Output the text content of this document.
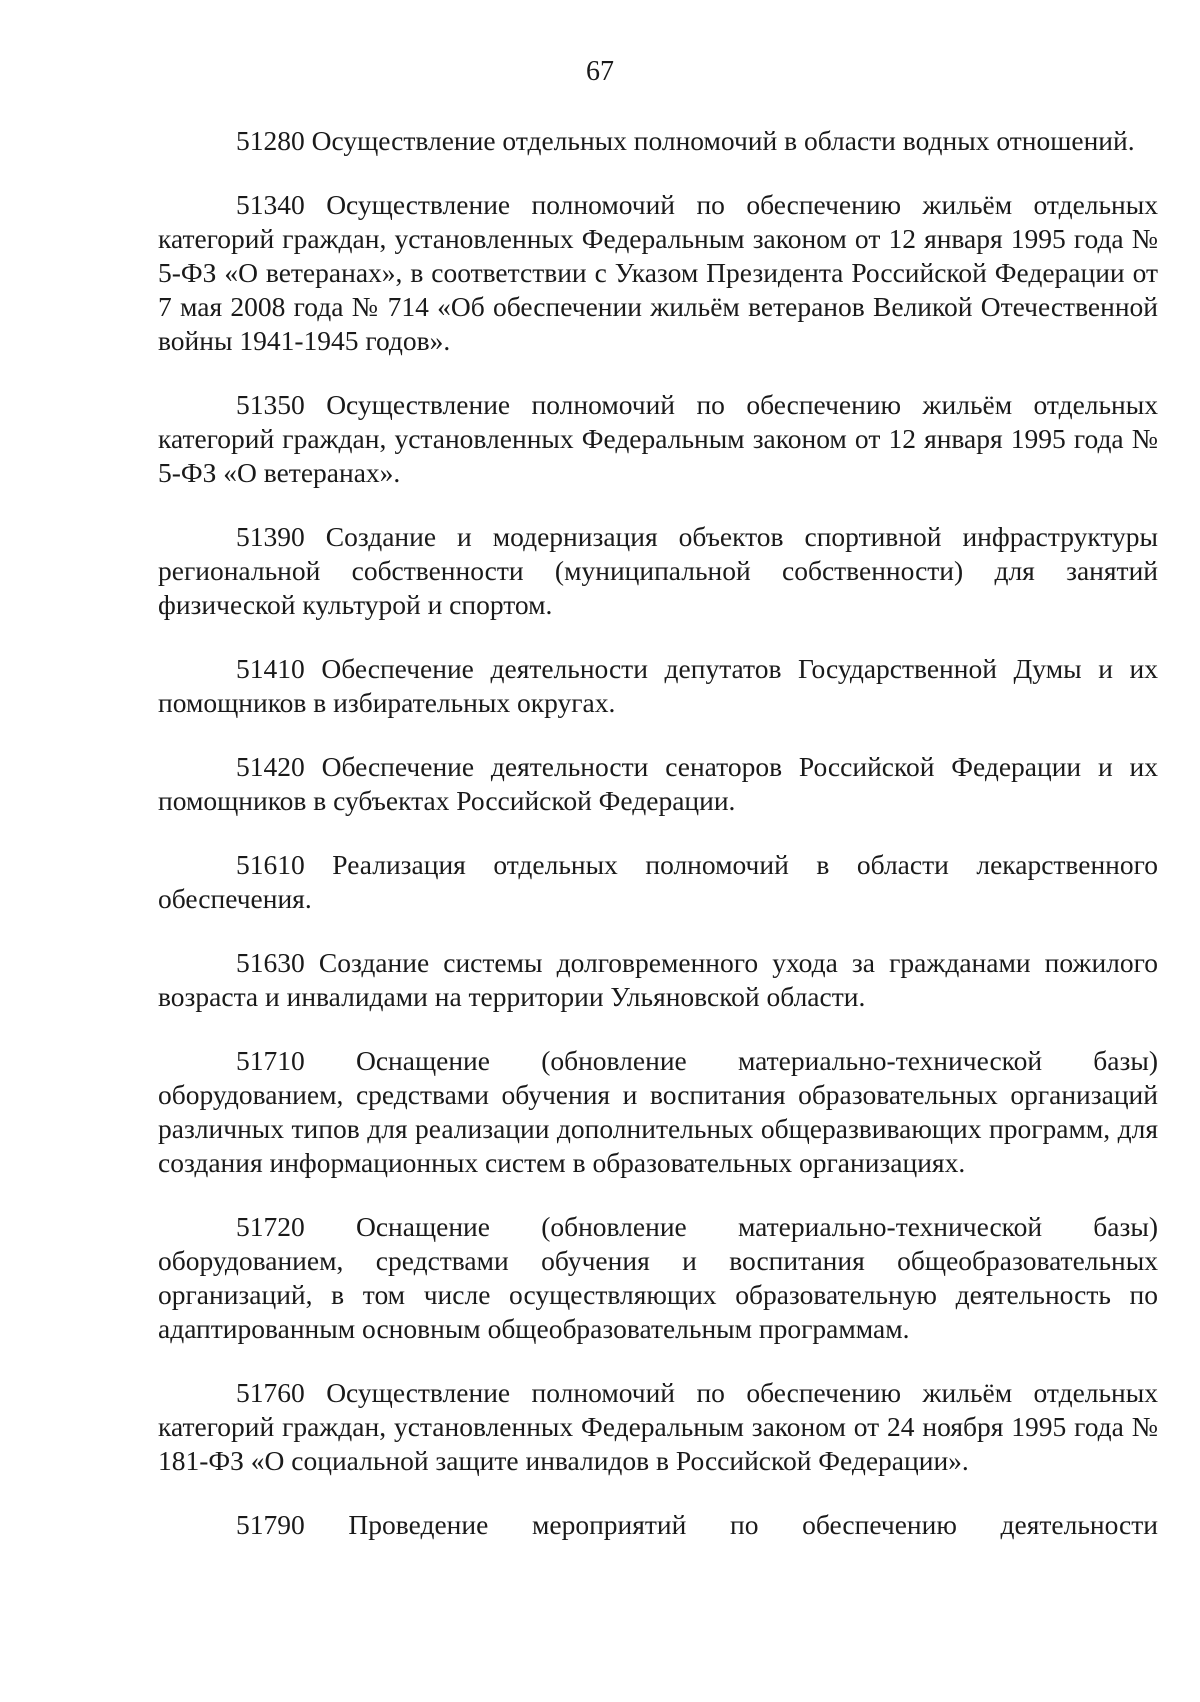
67

51280 Осуществление отдельных полномочий в области водных отношений.

51340 Осуществление полномочий по обеспечению жильём отдельных категорий граждан, установленных Федеральным законом от 12 января 1995 года № 5-ФЗ «О ветеранах», в соответствии с Указом Президента Российской Федерации от 7 мая 2008 года № 714 «Об обеспечении жильём ветеранов Великой Отечественной войны 1941-1945 годов».

51350 Осуществление полномочий по обеспечению жильём отдельных категорий граждан, установленных Федеральным законом от 12 января 1995 года № 5-ФЗ «О ветеранах».

51390 Создание и модернизация объектов спортивной инфраструктуры региональной собственности (муниципальной собственности) для занятий физической культурой и спортом.

51410 Обеспечение деятельности депутатов Государственной Думы и их помощников в избирательных округах.

51420 Обеспечение деятельности сенаторов Российской Федерации и их помощников в субъектах Российской Федерации.

51610 Реализация отдельных полномочий в области лекарственного обеспечения.

51630 Создание системы долговременного ухода за гражданами пожилого возраста и инвалидами на территории Ульяновской области.

51710 Оснащение (обновление материально-технической базы) оборудованием, средствами обучения и воспитания образовательных организаций различных типов для реализации дополнительных общеразвивающих программ, для создания информационных систем в образовательных организациях.

51720 Оснащение (обновление материально-технической базы) оборудованием, средствами обучения и воспитания общеобразовательных организаций, в том числе осуществляющих образовательную деятельность по адаптированным основным общеобразовательным программам.

51760 Осуществление полномочий по обеспечению жильём отдельных категорий граждан, установленных Федеральным законом от 24 ноября 1995 года № 181-ФЗ «О социальной защите инвалидов в Российской Федерации».

51790 Проведение мероприятий по обеспечению деятельности
